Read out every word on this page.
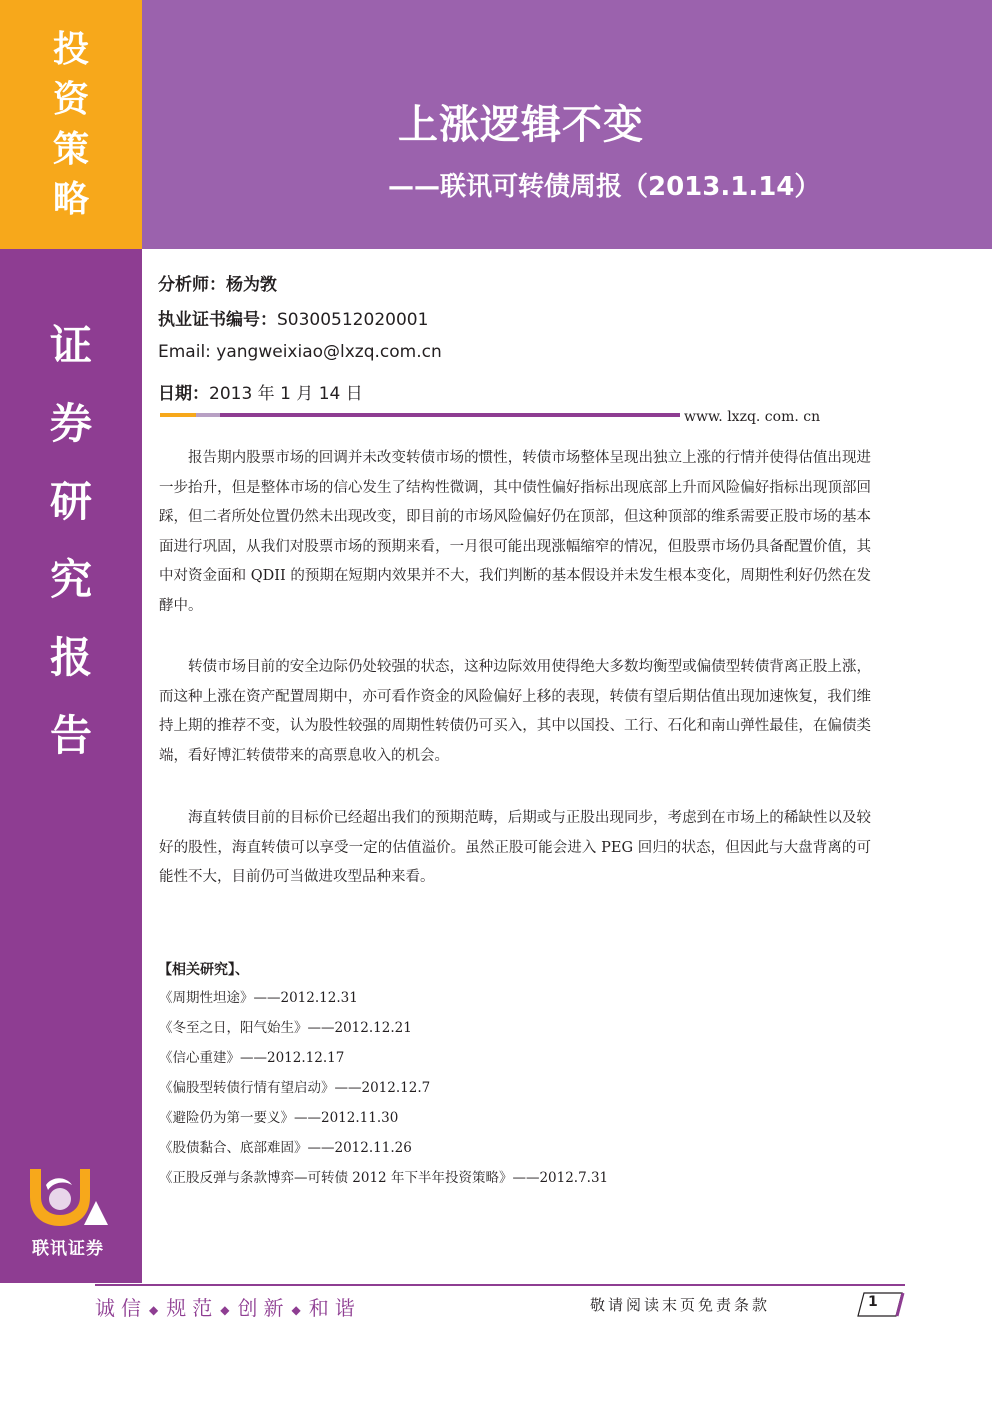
投
资
策
略
证
券
研
究
报
告
联讯证券
上涨逻辑不变
——联讯可转债周报（2013.1.14）
分析师：杨为敩
执业证书编号：S0300512020001
Email: yangweixiao@lxzq.com.cn
日期：2013 年 1 月 14 日
www. lxzq. com. cn

报告期内股票市场的回调并未改变转债市场的惯性，转债市场整体呈现出独立上涨的行情并使得估值出现进一步抬升，但是整体市场的信心发生了结构性微调，其中债性偏好指标出现底部上升而风险偏好指标出现顶部回踩，但二者所处位置仍然未出现改变，即目前的市场风险偏好仍在顶部，但这种顶部的维系需要正股市场的基本面进行巩固，从我们对股票市场的预期来看，一月很可能出现涨幅缩窄的情况，但股票市场仍具备配置价值，其中对资金面和 QDII 的预期在短期内效果并不大，我们判断的基本假设并未发生根本变化，周期性利好仍然在发酵中。

转债市场目前的安全边际仍处较强的状态，这种边际效用使得绝大多数均衡型或偏债型转债背离正股上涨，而这种上涨在资产配置周期中，亦可看作资金的风险偏好上移的表现，转债有望后期估值出现加速恢复，我们维持上期的推荐不变，认为股性较强的周期性转债仍可买入，其中以国投、工行、石化和南山弹性最佳，在偏债类端，看好博汇转债带来的高票息收入的机会。

海直转债目前的目标价已经超出我们的预期范畴，后期或与正股出现同步，考虑到在市场上的稀缺性以及较好的股性，海直转债可以享受一定的估值溢价。虽然正股可能会进入 PEG 回归的状态，但因此与大盘背离的可能性不大，目前仍可当做进攻型品种来看。

【相关研究】、
《周期性坦途》——2012.12.31
《冬至之日，阳气始生》——2012.12.21
《信心重建》——2012.12.17
《偏股型转债行情有望启动》——2012.12.7
《避险仍为第一要义》——2012.11.30
《股债黏合、底部难固》——2012.11.26
《正股反弹与条款博弈—可转债 2012 年下半年投资策略》——2012.7.31
诚信 ◆ 规范 ◆ 创新 ◆ 和谐	敬请阅读末页免责条款	1
